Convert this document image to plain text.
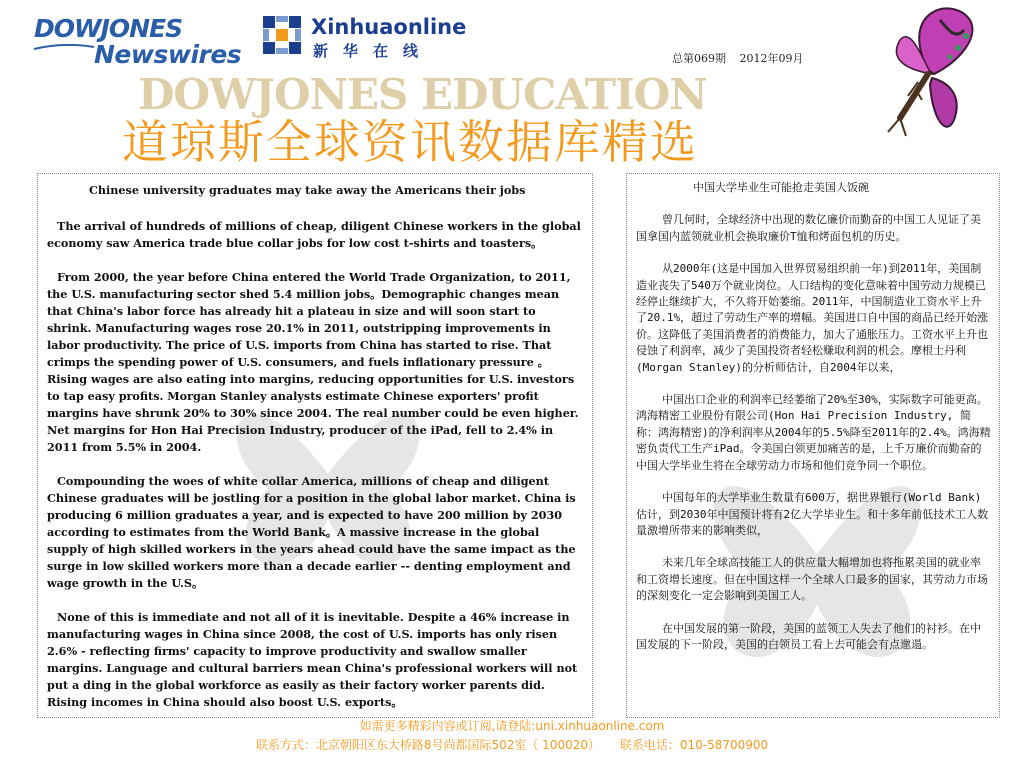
DOWJONES
Newswires
Xinhuaonline
新华在线	总第069期 2012年09月
DOWJONES EDUCATION
道琼斯全球资讯数据库精选
Chinese university graduates may take away the Americans their jobs

The arrival of hundreds of millions of cheap, diligent Chinese workers in the global economy saw America trade blue collar jobs for low cost t-shirts and toasters。

From 2000, the year before China entered the World Trade Organization, to 2011, the U.S. manufacturing sector shed 5.4 million jobs。Demographic changes mean that China's labor force has already hit a plateau in size and will soon start to shrink. Manufacturing wages rose 20.1% in 2011, outstripping improvements in labor productivity. The price of U.S. imports from China has started to rise. That crimps the spending power of U.S. consumers, and fuels inflationary pressure 。Rising wages are also eating into margins, reducing opportunities for U.S. investors to tap easy profits. Morgan Stanley analysts estimate Chinese exporters' profit margins have shrunk 20% to 30% since 2004. The real number could be even higher. Net margins for Hon Hai Precision Industry, producer of the iPad, fell to 2.4% in 2011 from 5.5% in 2004.

Compounding the woes of white collar America, millions of cheap and diligent Chinese graduates will be jostling for a position in the global labor market. China is producing 6 million graduates a year, and is expected to have 200 million by 2030 according to estimates from the World Bank。A massive increase in the global supply of high skilled workers in the years ahead could have the same impact as the surge in low skilled workers more than a decade earlier -- denting employment and wage growth in the U.S。

None of this is immediate and not all of it is inevitable. Despite a 46% increase in manufacturing wages in China since 2008, the cost of U.S. imports has only risen 2.6% - reflecting firms' capacity to improve productivity and swallow smaller margins. Language and cultural barriers mean China's professional workers will not put a ding in the global workforce as easily as their factory worker parents did. Rising incomes in China should also boost U.S. exports。

中国大学毕业生可能抢走美国人饭碗

曾几何时，全球经济中出现的数亿廉价而勤奋的中国工人见证了美国拿国内蓝领就业机会换取廉价T恤和烤面包机的历史。

从2000年(这是中国加入世界贸易组织前一年)到2011年，美国制造业丧失了540万个就业岗位。人口结构的变化意味着中国劳动力规模已经停止继续扩大，不久将开始萎缩。2011年，中国制造业工资水平上升了20.1%，超过了劳动生产率的增幅。美国进口自中国的商品已经开始涨价。这降低了美国消费者的消费能力，加大了通胀压力。工资水平上升也侵蚀了利润率，减少了美国投资者轻松赚取利润的机会。摩根士丹利(Morgan Stanley)的分析师估计，自2004年以来，

中国出口企业的利润率已经萎缩了20%至30%，实际数字可能更高。鸿海精密工业股份有限公司(Hon Hai Precision Industry, 简称：鸿海精密)的净利润率从2004年的5.5%降至2011年的2.4%。鸿海精密负责代工生产iPad。令美国白领更加痛苦的是，上千万廉价而勤奋的中国大学毕业生将在全球劳动力市场和他们竞争同一个职位。

中国每年的大学毕业生数量有600万，据世界银行(World Bank)估计，到2030年中国预计将有2亿大学毕业生。和十多年前低技术工人数量激增所带来的影响类似，

未来几年全球高技能工人的供应量大幅增加也将拖累美国的就业率和工资增长速度。但在中国这样一个全球人口最多的国家，其劳动力市场的深刻变化一定会影响到美国工人。

在中国发展的第一阶段，美国的蓝领工人失去了他们的衬衫。在中国发展的下一阶段，美国的白领员工看上去可能会有点邋遢。

如需更多精彩内容或订阅,请登陆:uni.xinhuaonline.com
联系方式：北京朝阳区东大桥路8号尚都国际502室（ 100020） 联系电话：010-58700900
